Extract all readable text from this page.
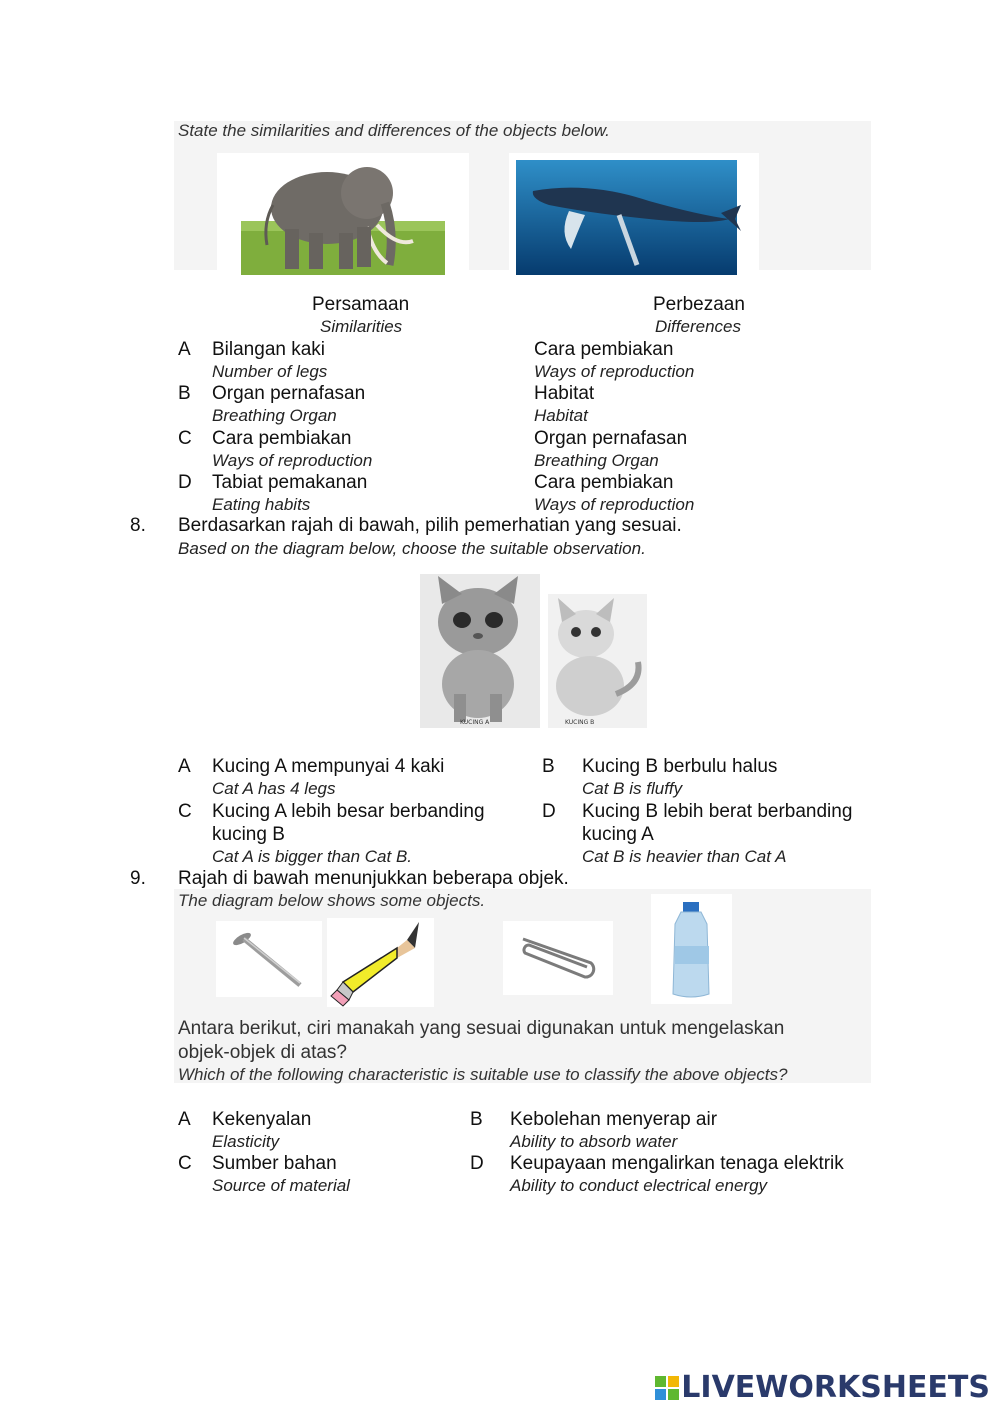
State the similarities and differences of the objects below.
Persamaan
Similarities
Perbezaan
Differences
A Bilangan kaki
Number of legs
Cara pembiakan
Ways of reproduction
B Organ pernafasan
Breathing Organ
Habitat
Habitat
C Cara pembiakan
Ways of reproduction
Organ pernafasan
Breathing Organ
D Tabiat pemakanan
Eating habits
Cara pembiakan
Ways of reproduction
8. Berdasarkan rajah di bawah, pilih pemerhatian yang sesuai.
Based on the diagram below, choose the suitable observation.
KUCING A	KUCING B
A Kucing A mempunyai 4 kaki
Cat A has 4 legs
B Kucing B berbulu halus
Cat B is fluffy
C Kucing A lebih besar berbanding
kucing B
Cat A is bigger than Cat B.
D Kucing B lebih berat berbanding
kucing A
Cat B is heavier than Cat A
9. Rajah di bawah menunjukkan beberapa objek.
The diagram below shows some objects.
Antara berikut, ciri manakah yang sesuai digunakan untuk mengelaskan
objek-objek di atas?
Which of the following characteristic is suitable use to classify the above objects?
A Kekenyalan
Elasticity
B Kebolehan menyerap air
Ability to absorb water
C Sumber bahan
Source of material
D Keupayaan mengalirkan tenaga elektrik
Ability to conduct electrical energy
LIVEWORKSHEETS
